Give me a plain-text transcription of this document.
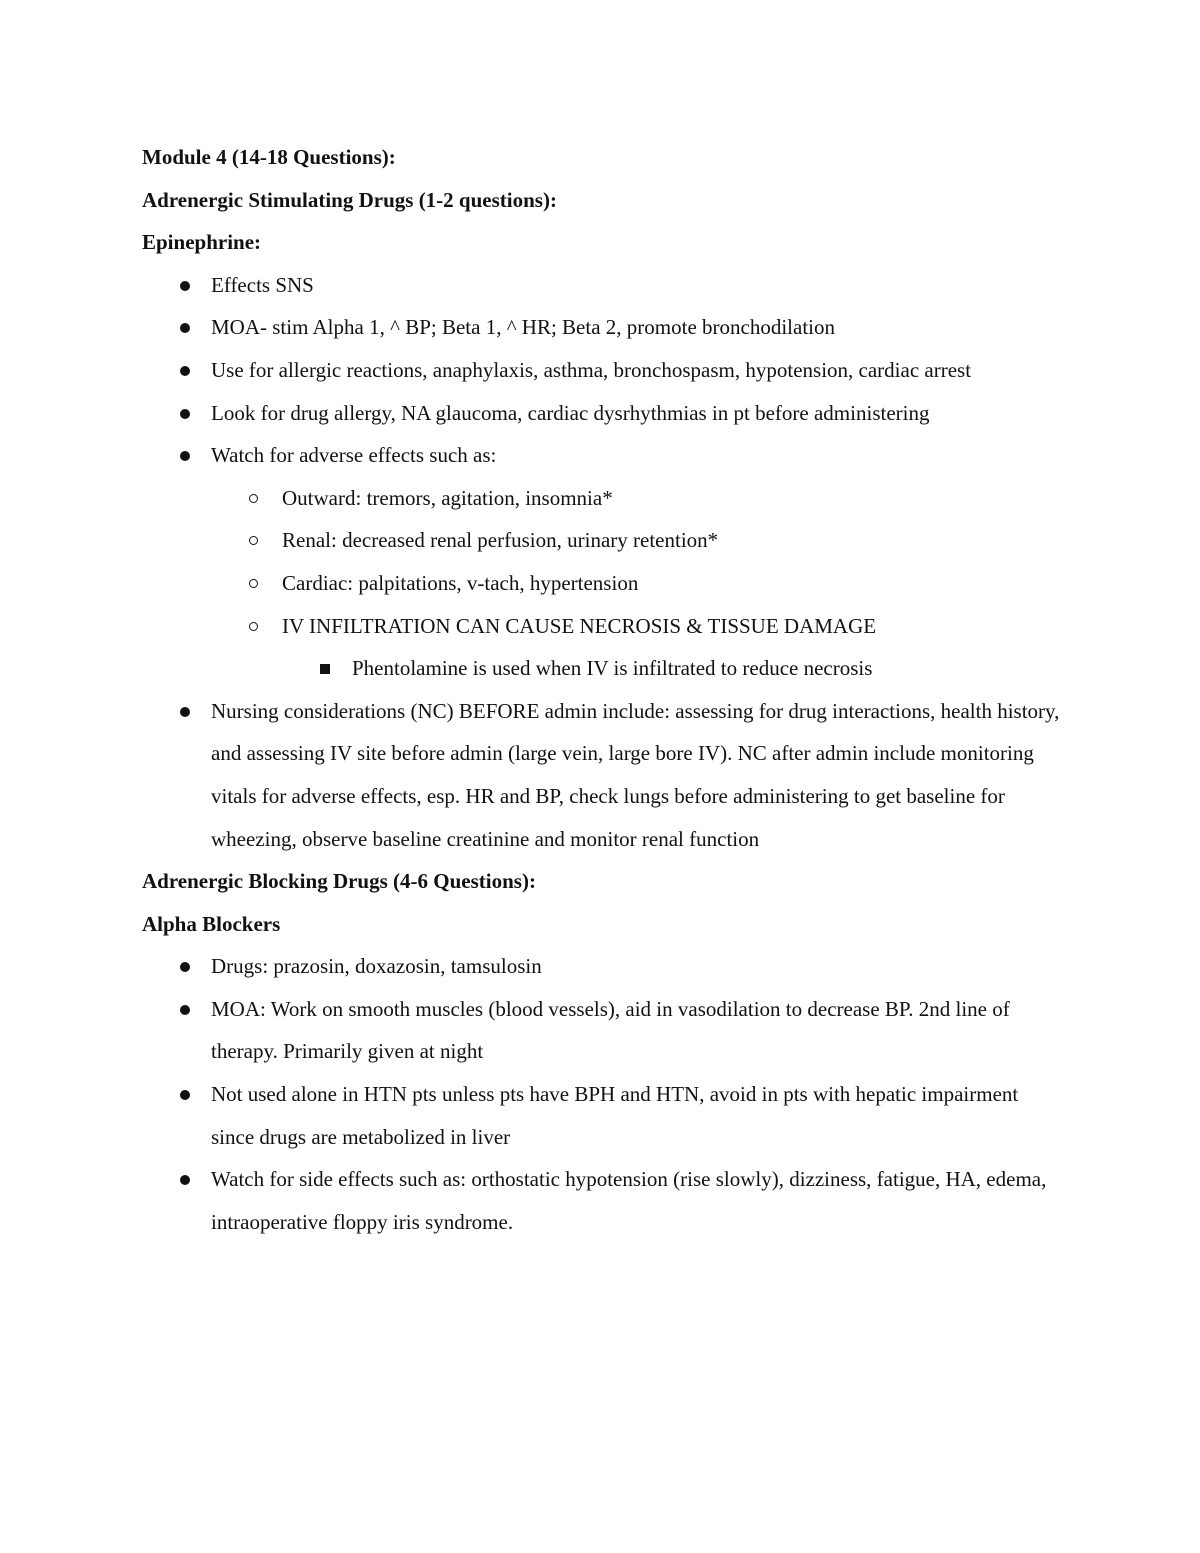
Module 4 (14-18 Questions):

Adrenergic Stimulating Drugs (1-2 questions):

Epinephrine:

Effects SNS
MOA- stim Alpha 1, ^ BP; Beta 1, ^ HR; Beta 2, promote bronchodilation
Use for allergic reactions, anaphylaxis, asthma, bronchospasm, hypotension, cardiac arrest
Look for drug allergy, NA glaucoma, cardiac dysrhythmias in pt before administering
Watch for adverse effects such as:
Outward: tremors, agitation, insomnia*
Renal: decreased renal perfusion, urinary retention*
Cardiac: palpitations, v-tach, hypertension
IV INFILTRATION CAN CAUSE NECROSIS & TISSUE DAMAGE
Phentolamine is used when IV is infiltrated to reduce necrosis
Nursing considerations (NC) BEFORE admin include: assessing for drug interactions, health history, and assessing IV site before admin (large vein, large bore IV). NC after admin include monitoring vitals for adverse effects, esp. HR and BP, check lungs before administering to get baseline for wheezing, observe baseline creatinine and monitor renal function

Adrenergic Blocking Drugs (4-6 Questions):

Alpha Blockers

Drugs: prazosin, doxazosin, tamsulosin
MOA: Work on smooth muscles (blood vessels), aid in vasodilation to decrease BP. 2nd line of therapy. Primarily given at night
Not used alone in HTN pts unless pts have BPH and HTN, avoid in pts with hepatic impairment since drugs are metabolized in liver
Watch for side effects such as: orthostatic hypotension (rise slowly), dizziness, fatigue, HA, edema, intraoperative floppy iris syndrome.
